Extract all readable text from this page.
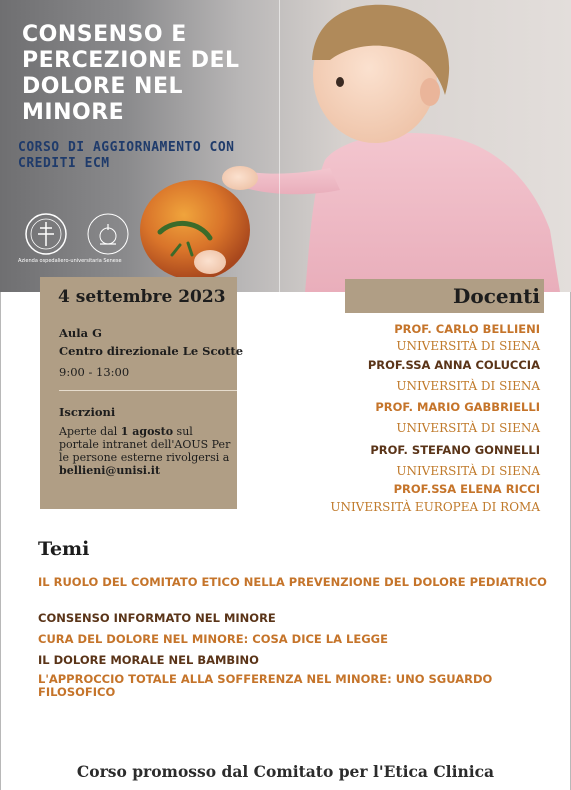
CONSENSO E PERCEZIONE DEL DOLORE NEL MINORE
CORSO DI AGGIORNAMENTO CON CREDITI ECM
Azienda ospedaliero-universitaria Senese
4 settembre 2023
Aula G
Centro direzionale Le Scotte
9:00 - 13:00
Iscrzioni
Aperte dal 1 agosto sul portale intranet dell'AOUS Per le persone esterne rivolgersi a
bellieni@unisi.it
Docenti
PROF. CARLO BELLIENI
UNIVERSITÀ DI SIENA
PROF.SSA ANNA COLUCCIA
UNIVERSITÀ DI SIENA
PROF. MARIO GABBRIELLI
UNIVERSITÀ DI SIENA
PROF. STEFANO GONNELLI
UNIVERSITÀ DI SIENA
PROF.SSA ELENA RICCI
UNIVERSITÀ EUROPEA DI ROMA
Temi
IL RUOLO DEL COMITATO ETICO NELLA PREVENZIONE DEL DOLORE PEDIATRICO
CONSENSO INFORMATO NEL MINORE
CURA DEL DOLORE NEL MINORE: COSA DICE LA LEGGE
IL DOLORE MORALE NEL BAMBINO
L'APPROCCIO TOTALE ALLA SOFFERENZA NEL MINORE: UNO SGUARDO FILOSOFICO
Corso promosso dal Comitato per l'Etica Clinica
